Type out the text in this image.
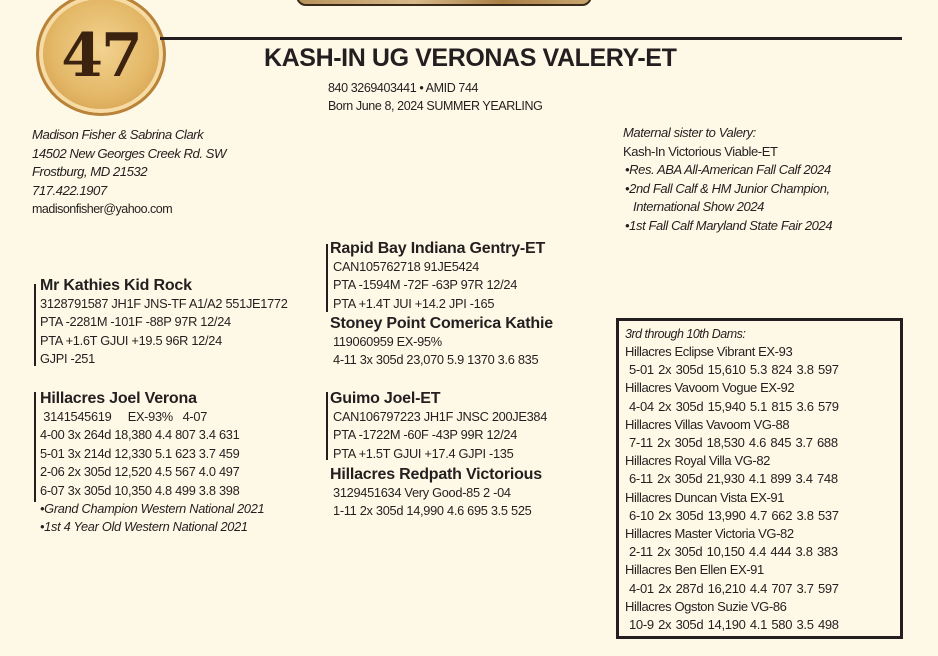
47	KASH-IN UG VERONAS VALERY-ET
840 3269403441 • AMID 744
Born June 8, 2024 SUMMER YEARLING
Madison Fisher & Sabrina Clark
14502 New Georges Creek Rd. SW
Frostburg, MD 21532
717.422.1907
madisonfisher@yahoo.com
Maternal sister to Valery:
Kash-In Victorious Viable-ET
•Res. ABA All-American Fall Calf 2024
•2nd Fall Calf & HM Junior Champion,
International Show 2024
•1st Fall Calf Maryland State Fair 2024
Mr Kathies Kid Rock
3128791587 JH1F JNS-TF A1/A2 551JE1772
PTA -2281M -101F -88P 97R 12/24
PTA +1.6T GJUI +19.5 96R 12/24
GJPI -251
Rapid Bay Indiana Gentry-ET
CAN105762718 91JE5424
PTA -1594M -72F -63P 97R 12/24
PTA +1.4T JUI +14.2 JPI -165
Stoney Point Comerica Kathie
119060959 EX-95%
4-11 3x 305d 23,070 5.9 1370 3.6 835
Hillacres Joel Verona
3141545619     EX-93%   4-07
4-00 3x 264d 18,380 4.4 807 3.4 631
5-01 3x 214d 12,330 5.1 623 3.7 459
2-06 2x 305d 12,520 4.5 567 4.0 497
6-07 3x 305d 10,350 4.8 499 3.8 398
•Grand Champion Western National 2021
•1st 4 Year Old Western National 2021
Guimo Joel-ET
CAN106797223 JH1F JNSC 200JE384
PTA -1722M -60F -43P 99R 12/24
PTA +1.5T GJUI +17.4 GJPI -135
Hillacres Redpath Victorious
3129451634 Very Good-85 2 -04
1-11 2x 305d 14,990 4.6 695 3.5 525
3rd through 10th Dams:
Hillacres Eclipse Vibrant EX-93
5-01 2x 305d 15,610 5.3 824 3.8 597
Hillacres Vavoom Vogue EX-92
4-04 2x 305d 15,940 5.1 815 3.6 579
Hillacres Villas Vavoom VG-88
7-11 2x 305d 18,530 4.6 845 3.7 688
Hillacres Royal Villa VG-82
6-11 2x 305d 21,930 4.1 899 3.4 748
Hillacres Duncan Vista EX-91
6-10 2x 305d 13,990 4.7 662 3.8 537
Hillacres Master Victoria VG-82
2-11 2x 305d 10,150 4.4 444 3.8 383
Hillacres Ben Ellen EX-91
4-01 2x 287d 16,210 4.4 707 3.7 597
Hillacres Ogston Suzie VG-86
10-9 2x 305d 14,190 4.1 580 3.5 498
